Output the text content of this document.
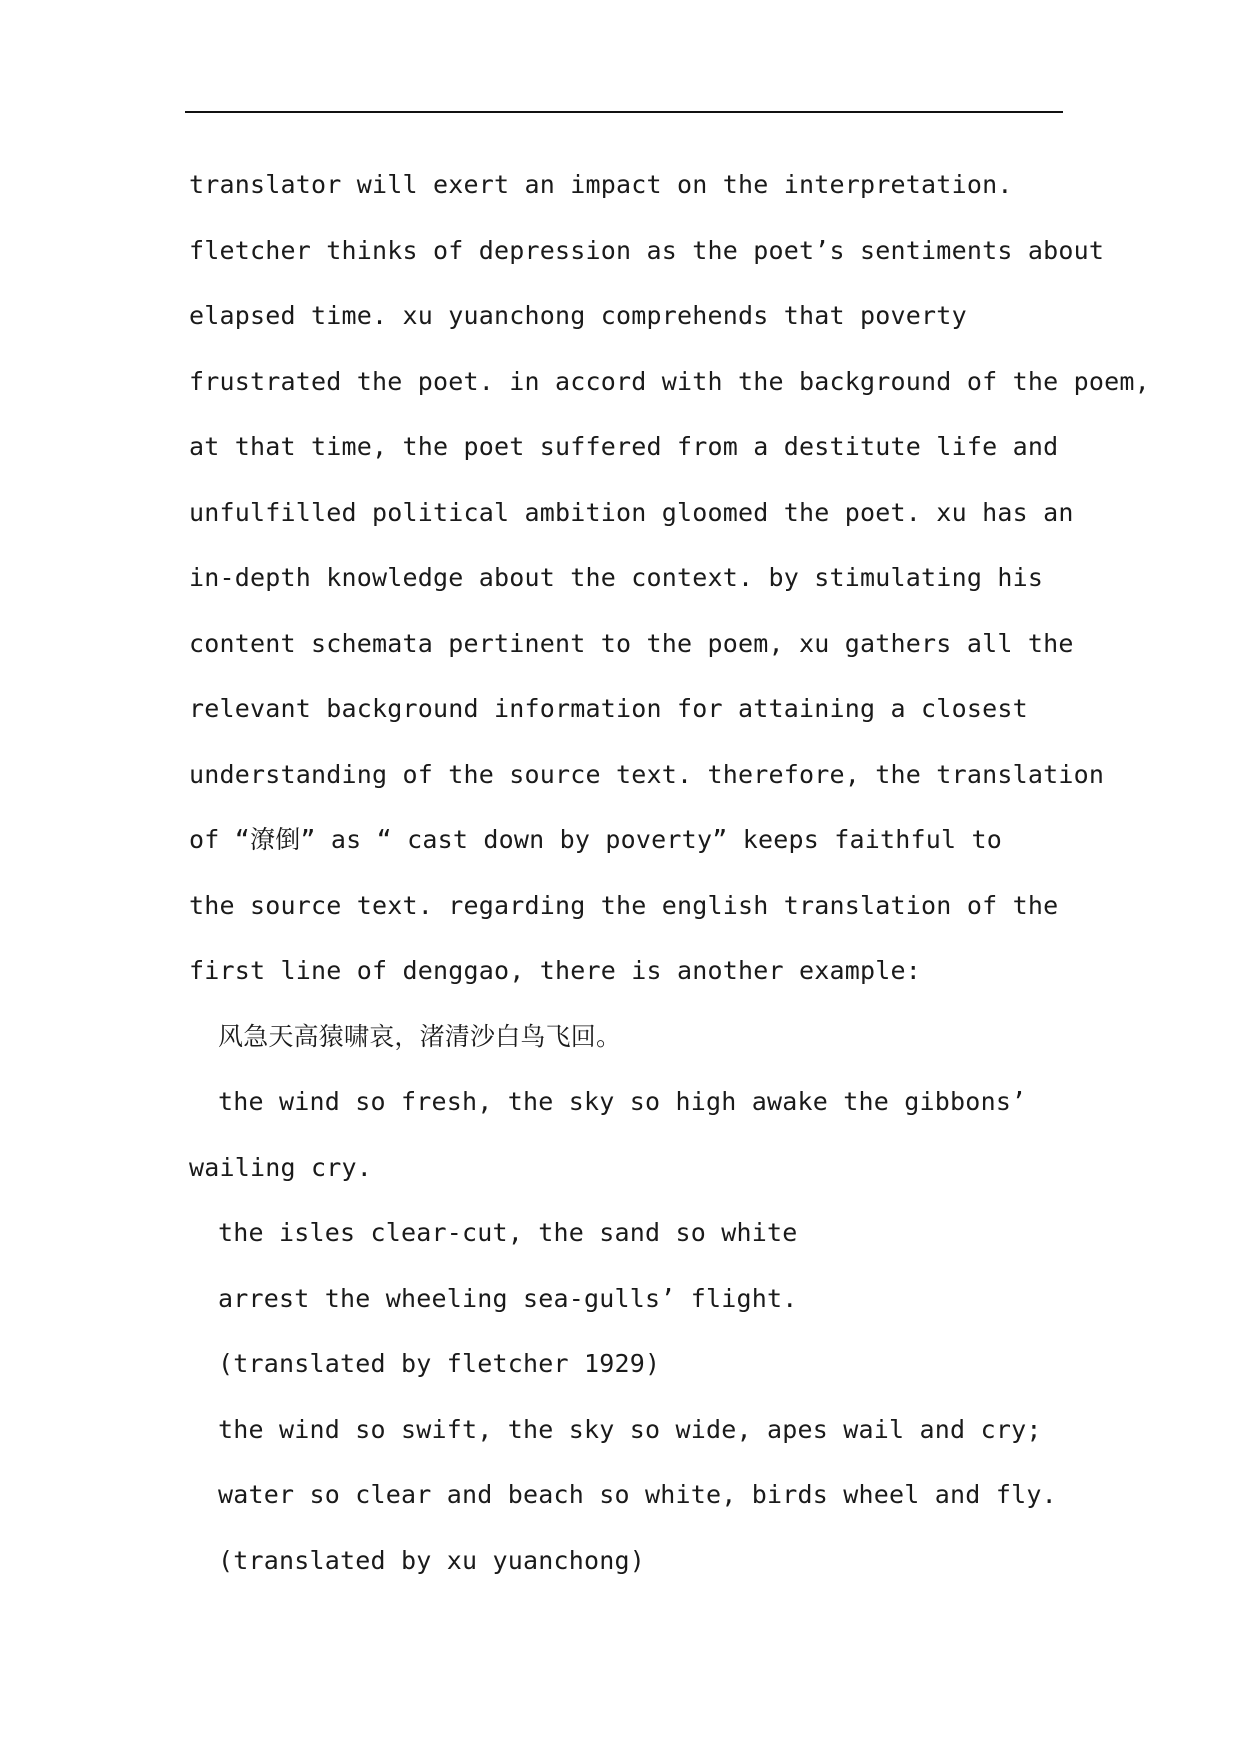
translator will exert an impact on the interpretation.
fletcher thinks of depression as the poet’s sentiments about
elapsed time. xu yuanchong comprehends that poverty
frustrated the poet. in accord with the background of the poem,
at that time, the poet suffered from a destitute life and
unfulfilled political ambition gloomed the poet. xu has an
in-depth knowledge about the context. by stimulating his
content schemata pertinent to the poem, xu gathers all the
relevant background information for attaining a closest
understanding of the source text. therefore, the translation
of “潦倒” as “ cast down by poverty” keeps faithful to
the source text. regarding the english translation of the
first line of denggao, there is another example:
风急天高猿啸哀，渚清沙白鸟飞回。
the wind so fresh, the sky so high awake the gibbons’
wailing cry.
the isles clear-cut, the sand so white
arrest the wheeling sea-gulls’ flight.
(translated by fletcher 1929)
the wind so swift, the sky so wide, apes wail and cry;
water so clear and beach so white, birds wheel and fly.
(translated by xu yuanchong)
